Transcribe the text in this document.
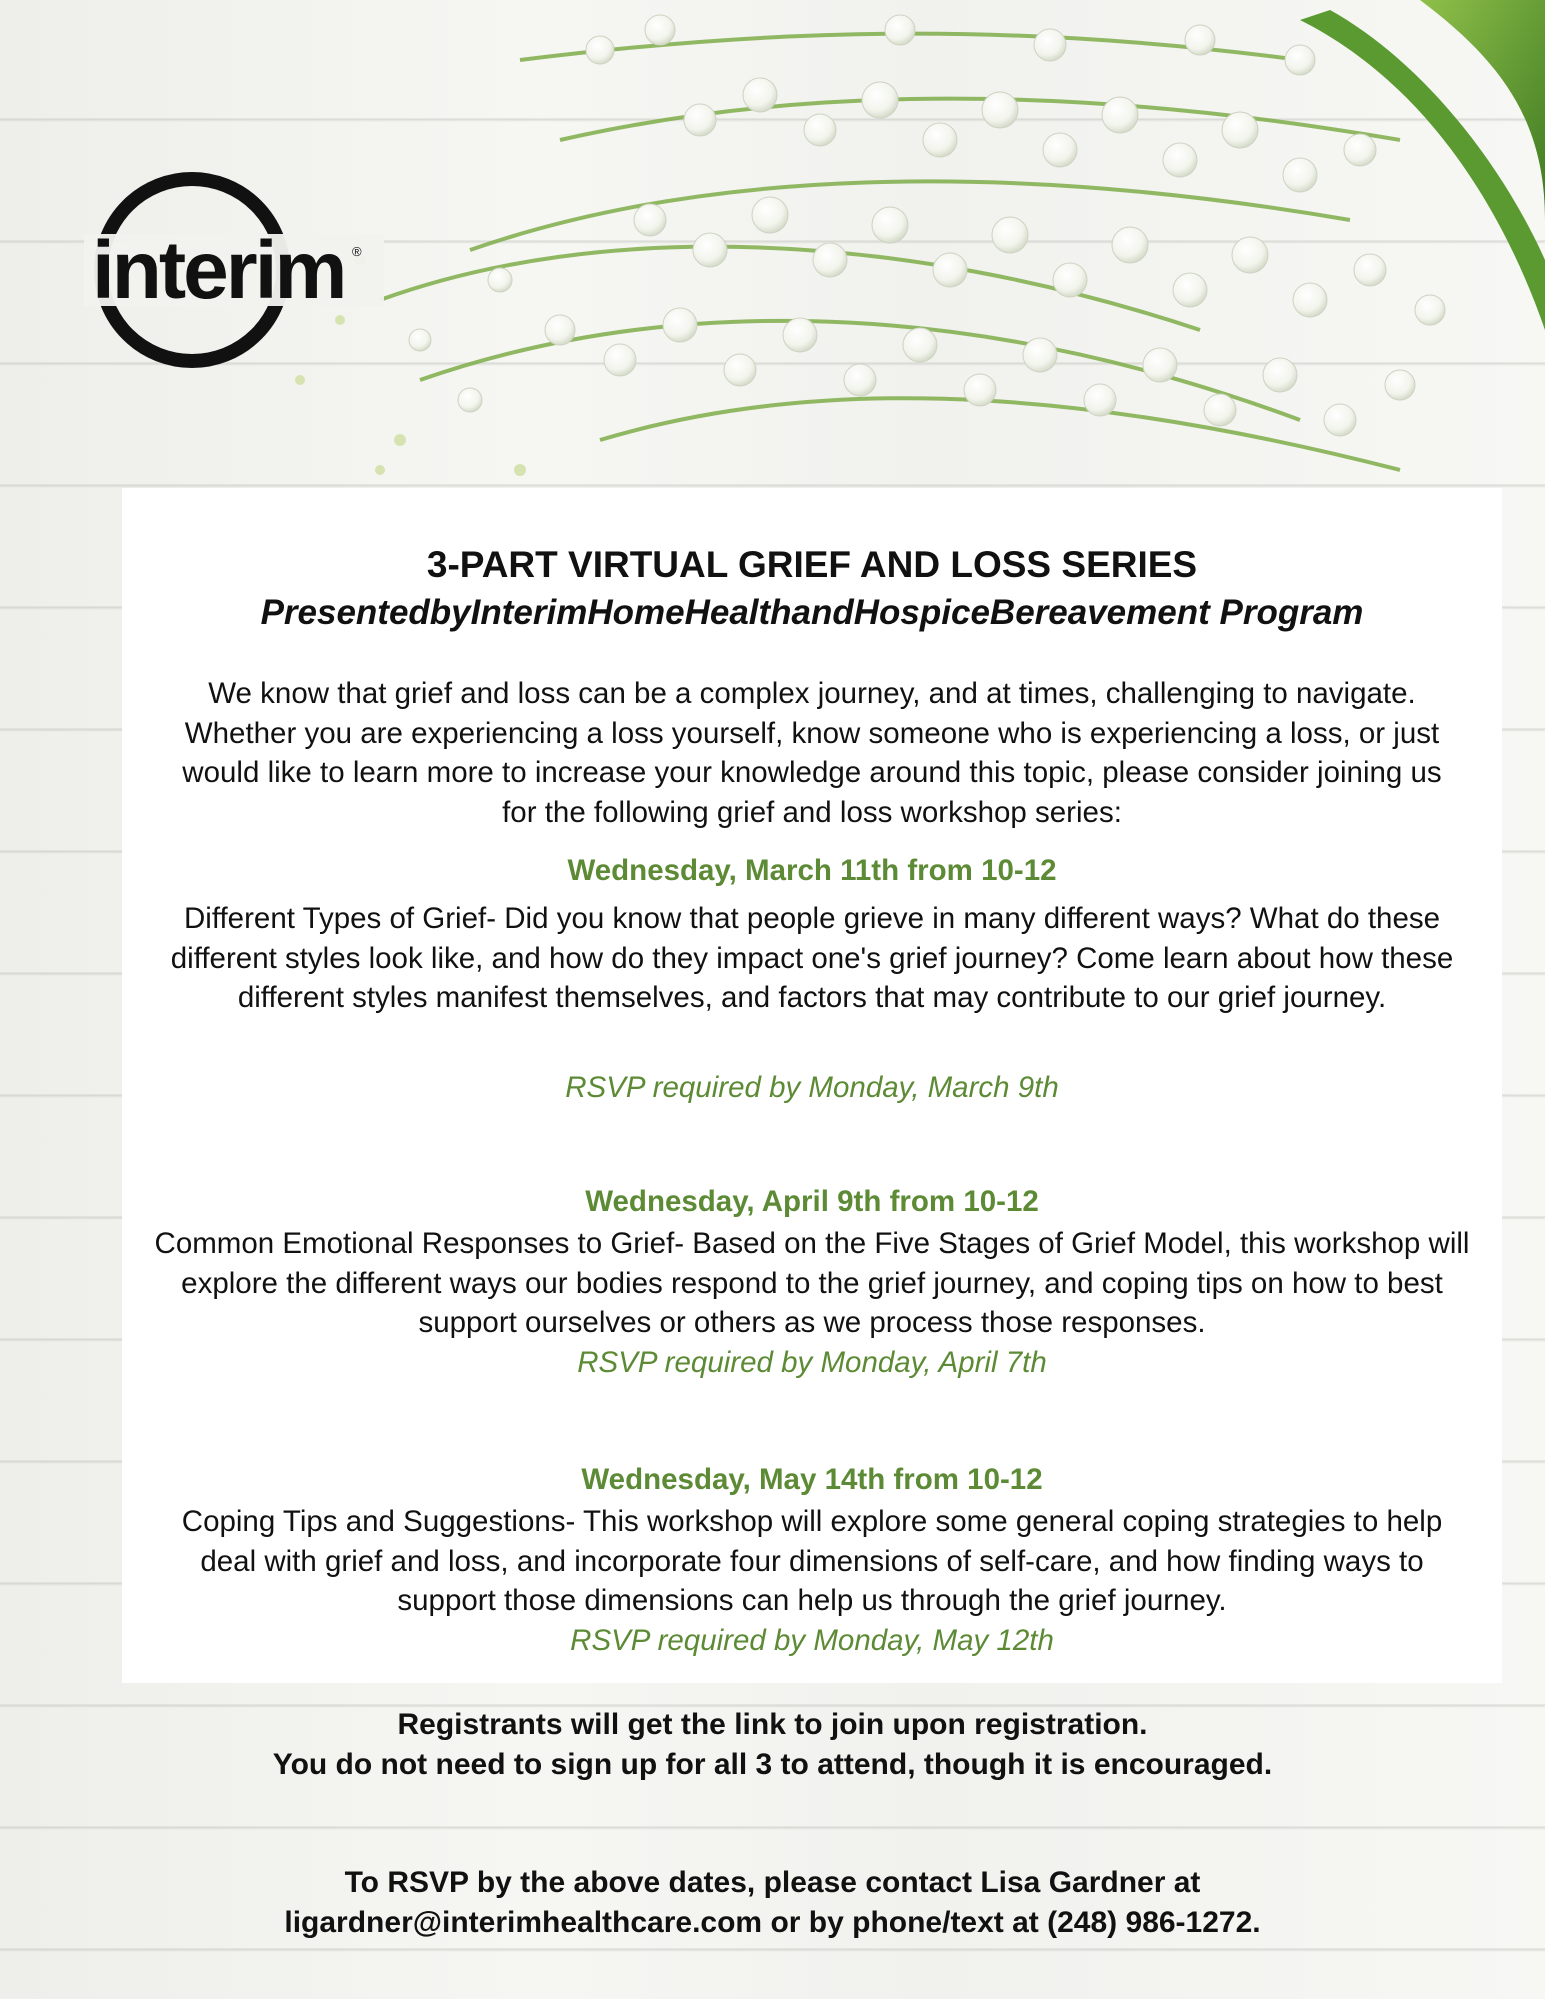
interim ®
3-PART VIRTUAL GRIEF AND LOSS SERIES
PresentedbyInterimHomeHealthandHospiceBereavement Program
We know that grief and loss can be a complex journey, and at times, challenging to navigate. Whether you are experiencing a loss yourself, know someone who is experiencing a loss, or just would like to learn more to increase your knowledge around this topic, please consider joining us for the following grief and loss workshop series:
Wednesday, March 11th from 10-12
Different Types of Grief- Did you know that people grieve in many different ways? What do these different styles look like, and how do they impact one's grief journey? Come learn about how these different styles manifest themselves, and factors that may contribute to our grief journey.
RSVP required by Monday, March 9th
Wednesday, April 9th from 10-12
Common Emotional Responses to Grief- Based on the Five Stages of Grief Model, this workshop will explore the different ways our bodies respond to the grief journey, and coping tips on how to best support ourselves or others as we process those responses.
RSVP required by Monday, April 7th
Wednesday, May 14th from 10-12
Coping Tips and Suggestions- This workshop will explore some general coping strategies to help deal with grief and loss, and incorporate four dimensions of self-care, and how finding ways to support those dimensions can help us through the grief journey.
RSVP required by Monday, May 12th
Registrants will get the link to join upon registration.
You do not need to sign up for all 3 to attend, though it is encouraged.
To RSVP by the above dates, please contact Lisa Gardner at
ligardner@interimhealthcare.com or by phone/text at (248) 986-1272.
